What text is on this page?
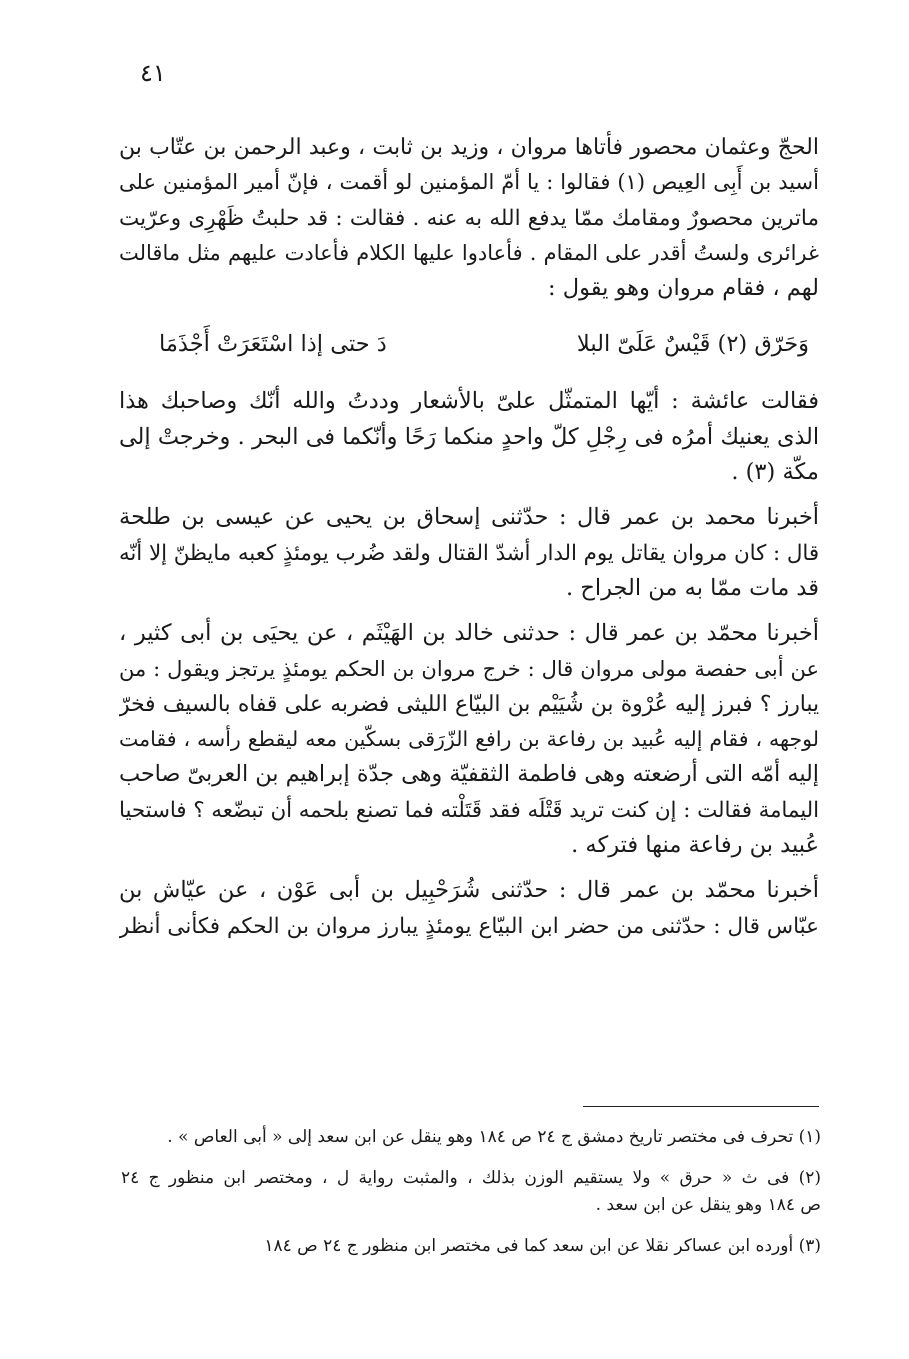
٤١
الحجّ وعثمان محصور فأتاها مروان ، وزيد بن ثابت ، وعبد الرحمن بن عتّاب بن
أسيد بن أَبِى العِيص (١) فقالوا : يا أمّ المؤمنين لو أقمت ، فإنّ أمير المؤمنين على
ماترين محصورٌ ومقامك ممّا يدفع الله به عنه . فقالت : قد حلبتُ ظَهْرِى وعرّيت
غرائرى ولستُ أقدر على المقام . فأعادوا عليها الكلام فأعادت عليهم مثل ماقالت
لهم ، فقام مروان وهو يقول :
وَحَرّق (٢) قَيْسٌ عَلَىّ البلا
دَ حتى إذا اسْتَعَرَتْ أَجْذَمَا
فقالت عائشة : أيّها المتمثّل علىّ بالأشعار وددتُ والله أنّك وصاحبك هذا
الذى يعنيك أمرُه فى رِجْلِ كلّ واحدٍ منكما رَحًا وأنّكما فى البحر . وخرجتْ إلى
مكّة (٣) .
أخبرنا محمد بن عمر قال : حدّثنى إسحاق بن يحيى عن عيسى بن طلحة
قال : كان مروان يقاتل يوم الدار أشدّ القتال ولقد ضُرب يومئذٍ كعبه مايظنّ إلا أنّه
قد مات ممّا به من الجراح .
أخبرنا محمّد بن عمر قال : حدثنى خالد بن الهَيْثَم ، عن يحيَى بن أبى كثير ،
عن أبى حفصة مولى مروان قال : خرج مروان بن الحكم يومئذٍ يرتجز ويقول : من
يبارز ؟ فبرز إليه عُرْوة بن شُيَيْم بن البيّاع الليثى فضربه على قفاه بالسيف فخرّ
لوجهه ، فقام إليه عُبيد بن رفاعة بن رافع الزّرَقى بسكّين معه ليقطع رأسه ، فقامت
إليه أمّه التى أرضعته وهى فاطمة الثقفيّة وهى جدّة إبراهيم بن العربىّ صاحب
اليمامة فقالت : إن كنت تريد قَتْلَه فقد قَتَلْته فما تصنع بلحمه أن تبضّعه ؟ فاستحيا
عُبيد بن رفاعة منها فتركه .
أخبرنا محمّد بن عمر قال : حدّثنى شُرَحْبِيل بن أبى عَوْن ، عن عيّاش بن
عبّاس قال : حدّثنى من حضر ابن البيّاع يومئذٍ يبارز مروان بن الحكم فكأنى أنظر
(١) تحرف فى مختصر تاريخ دمشق ج ٢٤ ص ١٨٤ وهو ينقل عن ابن سعد إلى « أبى العاص » .
(٢) فى ث « حرق » ولا يستقيم الوزن بذلك ، والمثبت رواية ل ، ومختصر ابن منظور ج ٢٤
ص ١٨٤ وهو ينقل عن ابن سعد .
(٣) أورده ابن عساكر نقلا عن ابن سعد كما فى مختصر ابن منظور ج ٢٤ ص ١٨٤
